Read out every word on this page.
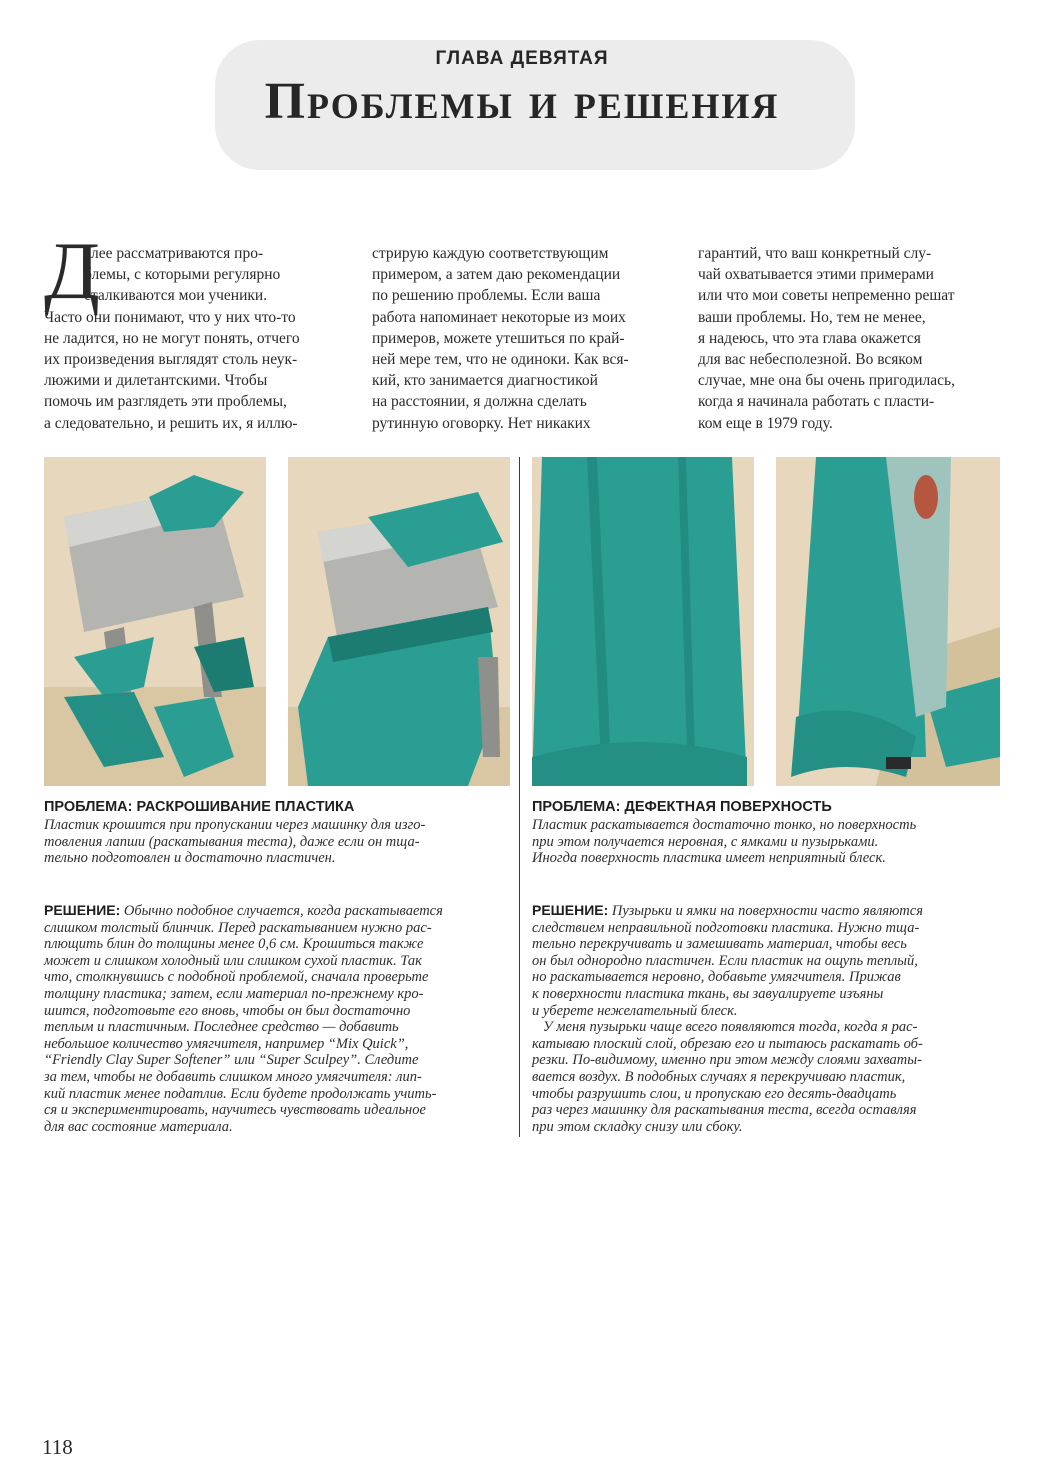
ГЛАВА ДЕВЯТАЯ
Проблемы и решения
Д
алее рассматриваются про-
блемы, с которыми регулярно
сталкиваются мои ученики.
Часто они понимают, что у них что-то
не ладится, но не могут понять, отчего
их произведения выглядят столь неук-
люжими и дилетантскими. Чтобы
помочь им разглядеть эти проблемы,
а следовательно, и решить их, я иллю-
стрирую каждую соответствующим
примером, а затем даю рекомендации
по решению проблемы. Если ваша
работа напоминает некоторые из моих
примеров, можете утешиться по край-
ней мере тем, что не одиноки. Как вся-
кий, кто занимается диагностикой
на расстоянии, я должна сделать
рутинную оговорку. Нет никаких
гарантий, что ваш конкретный слу-
чай охватывается этими примерами
или что мои советы непременно решат
ваши проблемы. Но, тем не менее,
я надеюсь, что эта глава окажется
для вас небесполезной. Во всяком
случае, мне она бы очень пригодилась,
когда я начинала работать с пласти-
ком еще в 1979 году.
ПРОБЛЕМА: РАСКРОШИВАНИЕ ПЛАСТИКА
Пластик крошится при пропускании через машинку для изго-
товления лапши (раскатывания теста), даже если он тща-
тельно подготовлен и достаточно пластичен.
РЕШЕНИЕ: Обычно подобное случается, когда раскатывается
слишком толстый блинчик. Перед раскатыванием нужно рас-
плющить блин до толщины менее 0,6 см. Крошиться также
может и слишком холодный или слишком сухой пластик. Так
что, столкнувшись с подобной проблемой, сначала проверьте
толщину пластика; затем, если материал по-прежнему кро-
шится, подготовьте его вновь, чтобы он был достаточно
теплым и пластичным. Последнее средство — добавить
небольшое количество умягчителя, например “Mix Quick”,
“Friendly Clay Super Softener” или “Super Sculpey”. Следите
за тем, чтобы не добавить слишком много умягчителя: лип-
кий пластик менее податлив. Если будете продолжать учить-
ся и экспериментировать, научитесь чувствовать идеальное
для вас состояние материала.
ПРОБЛЕМА: ДЕФЕКТНАЯ ПОВЕРХНОСТЬ
Пластик раскатывается достаточно тонко, но поверхность
при этом получается неровная, с ямками и пузырьками.
Иногда поверхность пластика имеет неприятный блеск.
РЕШЕНИЕ: Пузырьки и ямки на поверхности часто являются
следствием неправильной подготовки пластика. Нужно тща-
тельно перекручивать и замешивать материал, чтобы весь
он был однородно пластичен. Если пластик на ощупь теплый,
но раскатывается неровно, добавьте умягчителя. Прижав
к поверхности пластика ткань, вы завуалируете изъяны
и уберете нежелательный блеск.
У меня пузырьки чаще всего появляются тогда, когда я рас-
катываю плоский слой, обрезаю его и пытаюсь раскатать об-
резки. По-видимому, именно при этом между слоями захваты-
вается воздух. В подобных случаях я перекручиваю пластик,
чтобы разрушить слои, и пропускаю его десять-двадцать
раз через машинку для раскатывания теста, всегда оставляя
при этом складку снизу или сбоку.
118
